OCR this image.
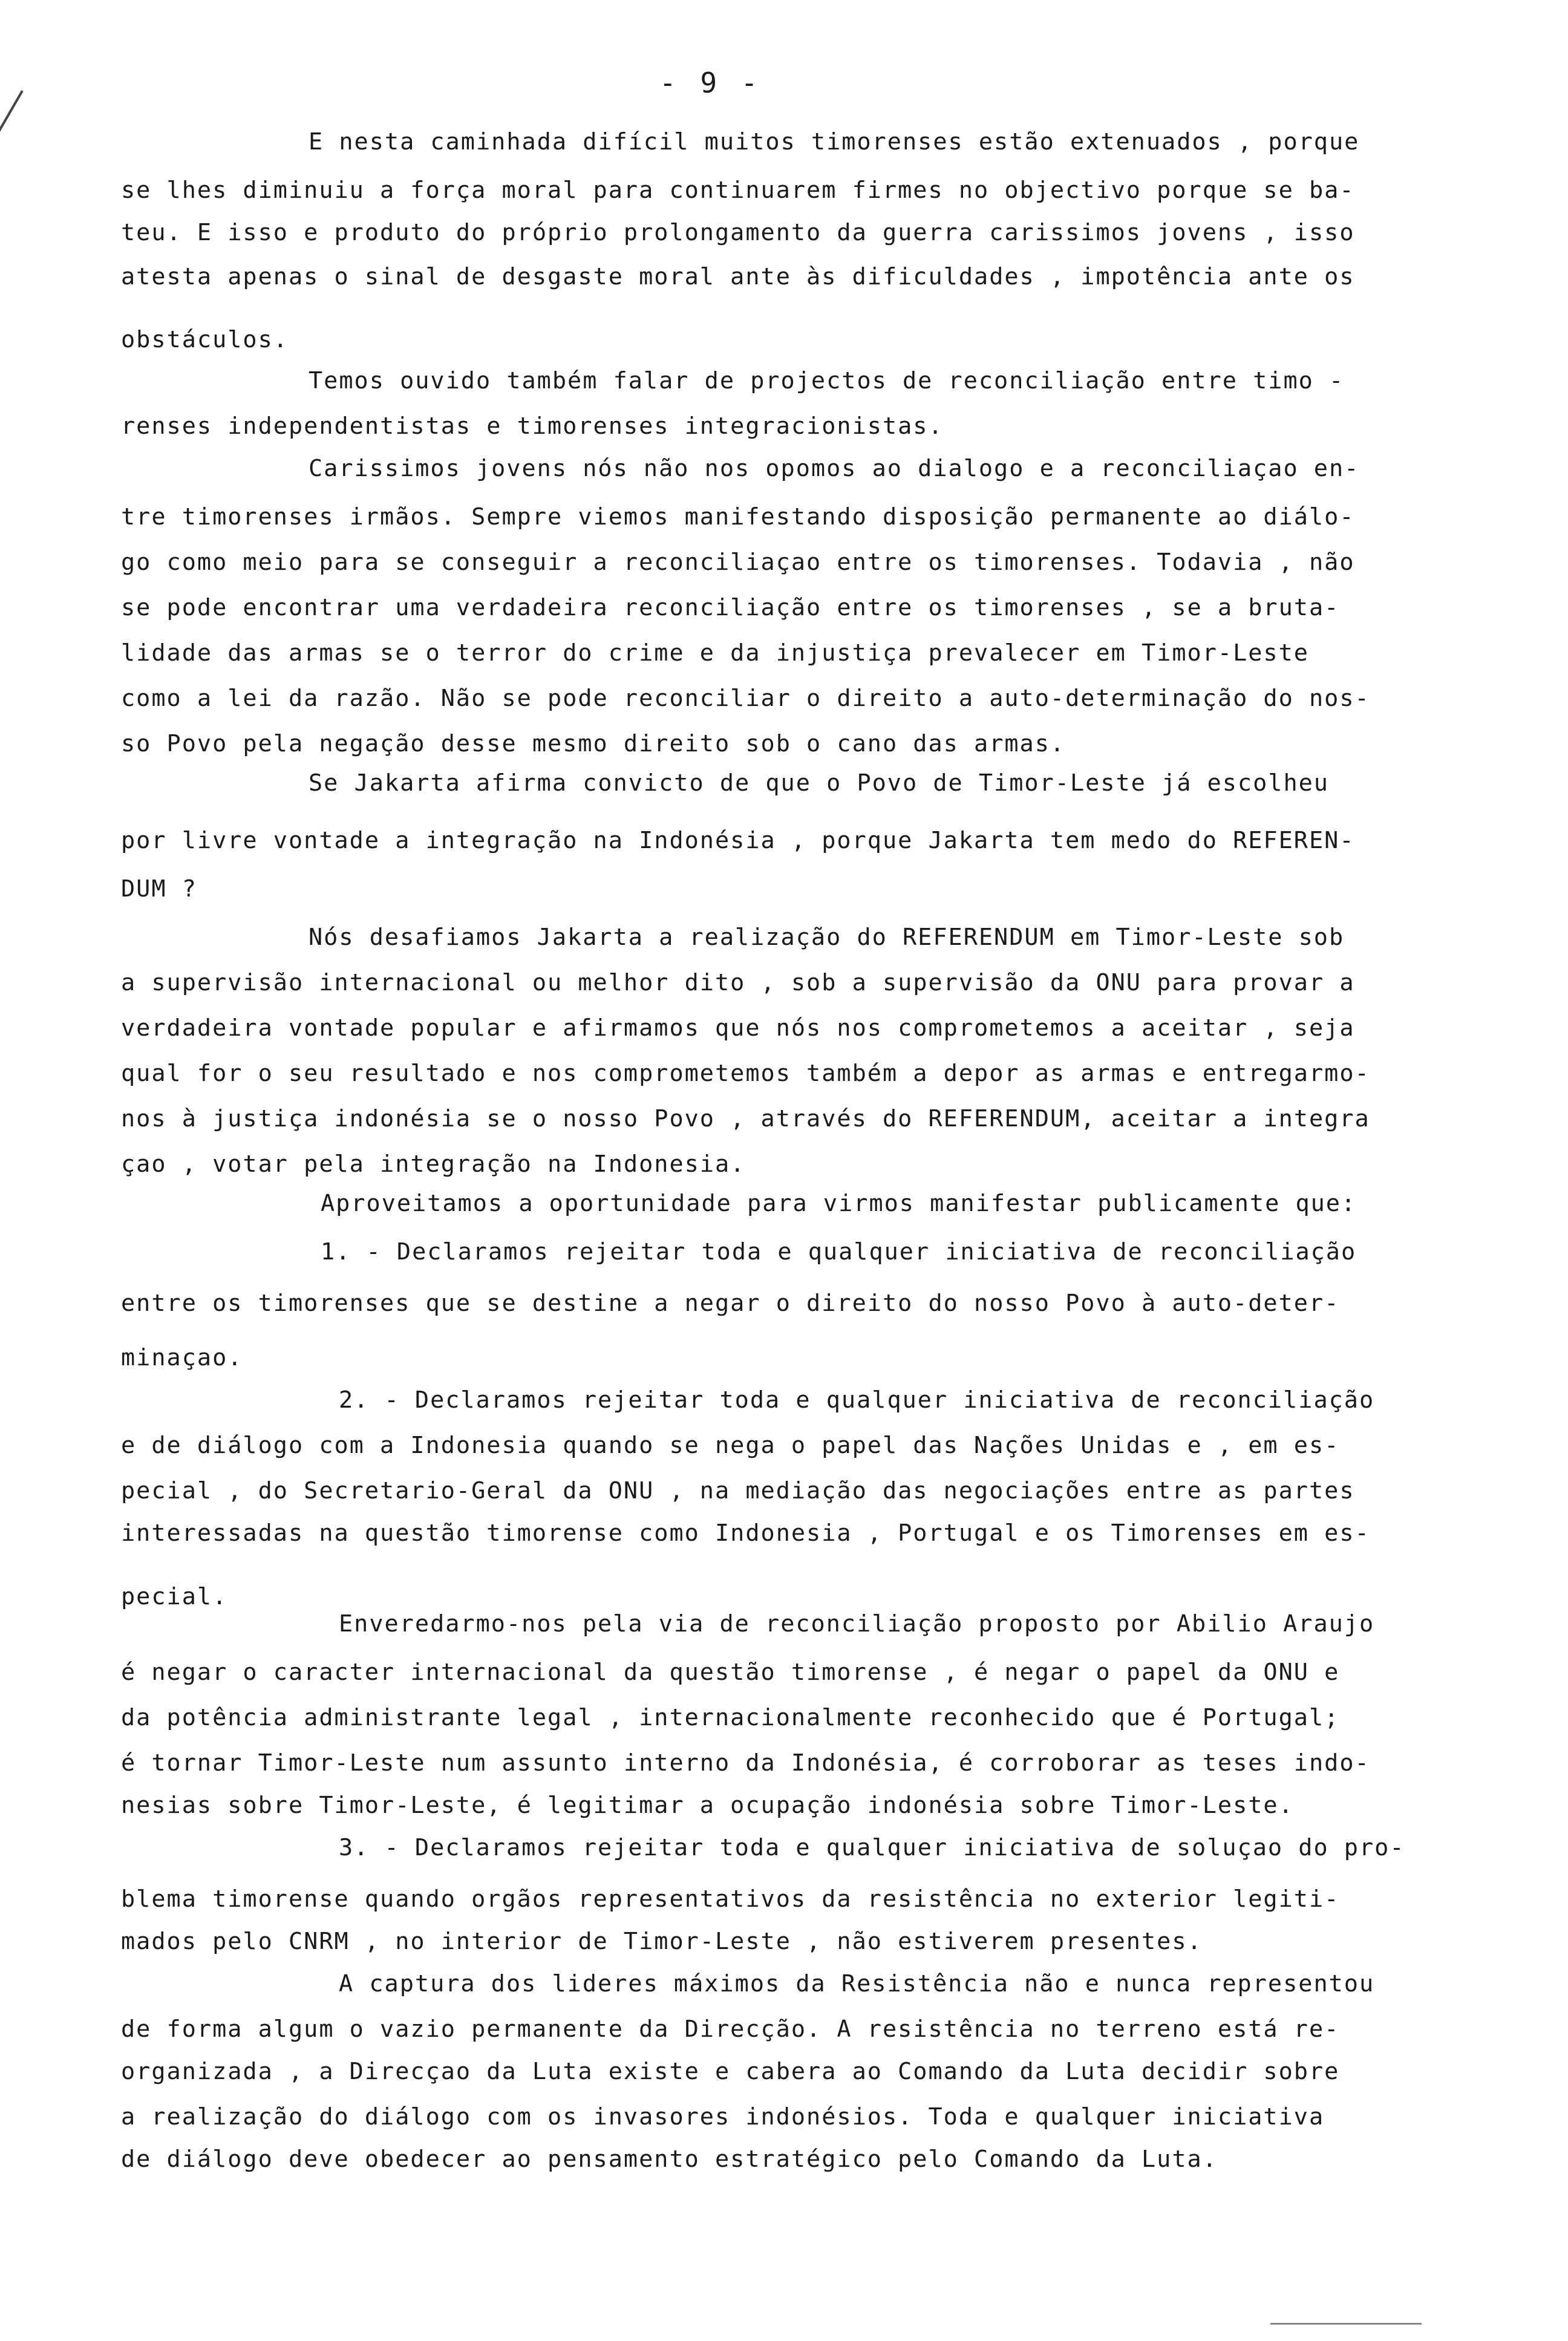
- 9 -
E nesta caminhada difícil muitos timorenses estão extenuados , porque
se lhes diminuiu a força moral para continuarem firmes no objectivo porque se ba-
teu. E isso e produto do próprio prolongamento da guerra carissimos jovens , isso
atesta apenas o sinal de desgaste moral ante às dificuldades , impotência ante os
obstáculos.
Temos ouvido também falar de projectos de reconciliação entre timo -
renses independentistas e timorenses integracionistas.
Carissimos jovens nós não nos opomos ao dialogo e a reconciliaçao en-
tre timorenses irmãos. Sempre viemos manifestando disposição permanente ao diálo-
go como meio para se conseguir a reconciliaçao entre os timorenses. Todavia , não
se pode encontrar uma verdadeira reconciliação entre os timorenses , se a bruta-
lidade das armas se o terror do crime e da injustiça prevalecer em Timor-Leste
como a lei da razão. Não se pode reconciliar o direito a auto-determinação do nos-
so Povo pela negação desse mesmo direito sob o cano das armas.
Se Jakarta afirma convicto de que o Povo de Timor-Leste já escolheu
por livre vontade a integração na Indonésia , porque Jakarta tem medo do REFEREN-
DUM ?
Nós desafiamos Jakarta a realização do REFERENDUM em Timor-Leste sob
a supervisão internacional ou melhor dito , sob a supervisão da ONU para provar a
verdadeira vontade popular e afirmamos que nós nos comprometemos a aceitar , seja
qual for o seu resultado e nos comprometemos também a depor as armas e entregarmo-
nos à justiça indonésia se o nosso Povo , através do REFERENDUM, aceitar a integra
çao , votar pela integração na Indonesia.
Aproveitamos a oportunidade para virmos manifestar publicamente que:
1. - Declaramos rejeitar toda e qualquer iniciativa de reconciliação
entre os timorenses que se destine a negar o direito do nosso Povo à auto-deter-
minaçao.
2. - Declaramos rejeitar toda e qualquer iniciativa de reconciliação
e de diálogo com a Indonesia quando se nega o papel das Nações Unidas e , em es-
pecial , do Secretario-Geral da ONU , na mediação das negociações entre as partes
interessadas na questão timorense como Indonesia , Portugal e os Timorenses em es-
pecial.
Enveredarmo-nos pela via de reconciliação proposto por Abilio Araujo
é negar o caracter internacional da questão timorense , é negar o papel da ONU e
da potência administrante legal , internacionalmente reconhecido que é Portugal;
é tornar Timor-Leste num assunto interno da Indonésia, é corroborar as teses indo-
nesias sobre Timor-Leste, é legitimar a ocupação indonésia sobre Timor-Leste.
3. - Declaramos rejeitar toda e qualquer iniciativa de soluçao do pro-
blema timorense quando orgãos representativos da resistência no exterior legiti-
mados pelo CNRM , no interior de Timor-Leste , não estiverem presentes.
A captura dos lideres máximos da Resistência não e nunca representou
de forma algum o vazio permanente da Direcção. A resistência no terreno está re-
organizada , a Direcçao da Luta existe e cabera ao Comando da Luta decidir sobre
a realização do diálogo com os invasores indonésios. Toda e qualquer iniciativa
de diálogo deve obedecer ao pensamento estratégico pelo Comando da Luta.
